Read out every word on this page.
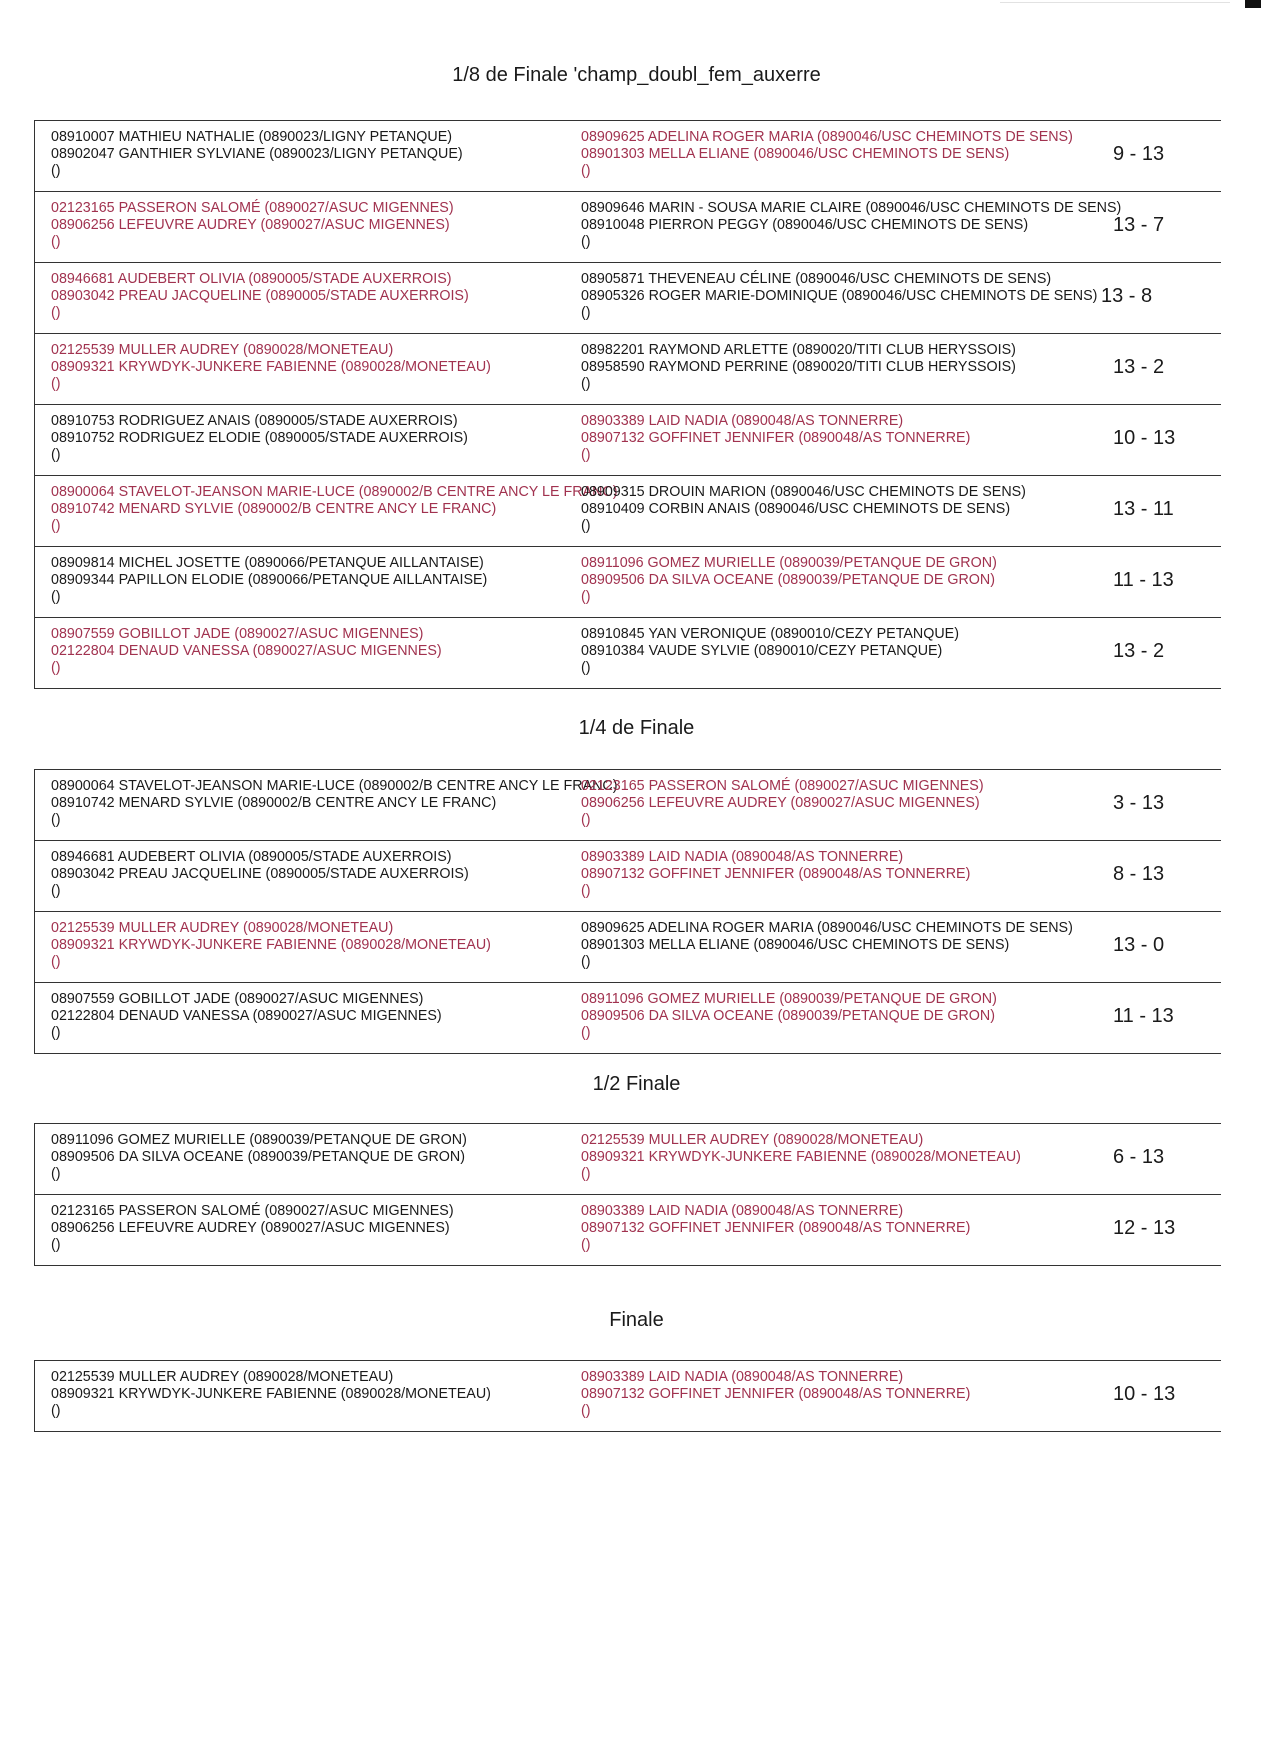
1/8 de Finale 'champ_doubl_fem_auxerre
08910007 MATHIEU NATHALIE (0890023/LIGNY PETANQUE)
08902047 GANTHIER SYLVIANE (0890023/LIGNY PETANQUE)
()
08909625 ADELINA ROGER MARIA (0890046/USC CHEMINOTS DE SENS)
08901303 MELLA ELIANE (0890046/USC CHEMINOTS DE SENS)
()
9 - 13
02123165 PASSERON SALOMÉ (0890027/ASUC MIGENNES)
08906256 LEFEUVRE AUDREY (0890027/ASUC MIGENNES)
()
08909646 MARIN - SOUSA MARIE CLAIRE (0890046/USC CHEMINOTS DE SENS)
08910048 PIERRON PEGGY (0890046/USC CHEMINOTS DE SENS)
()
13 - 7
08946681 AUDEBERT OLIVIA (0890005/STADE AUXERROIS)
08903042 PREAU JACQUELINE (0890005/STADE AUXERROIS)
()
08905871 THEVENEAU CÉLINE (0890046/USC CHEMINOTS DE SENS)
08905326 ROGER MARIE-DOMINIQUE (0890046/USC CHEMINOTS DE SENS)
()
13 - 8
02125539 MULLER AUDREY (0890028/MONETEAU)
08909321 KRYWDYK-JUNKERE FABIENNE (0890028/MONETEAU)
()
08982201 RAYMOND ARLETTE (0890020/TITI CLUB HERYSSOIS)
08958590 RAYMOND PERRINE (0890020/TITI CLUB HERYSSOIS)
()
13 - 2
08910753 RODRIGUEZ ANAIS (0890005/STADE AUXERROIS)
08910752 RODRIGUEZ ELODIE (0890005/STADE AUXERROIS)
()
08903389 LAID NADIA (0890048/AS TONNERRE)
08907132 GOFFINET JENNIFER (0890048/AS TONNERRE)
()
10 - 13
08900064 STAVELOT-JEANSON MARIE-LUCE (0890002/B CENTRE ANCY LE FRANC)
08910742 MENARD SYLVIE (0890002/B CENTRE ANCY LE FRANC)
()
08909315 DROUIN MARION (0890046/USC CHEMINOTS DE SENS)
08910409 CORBIN ANAIS (0890046/USC CHEMINOTS DE SENS)
()
13 - 11
08909814 MICHEL JOSETTE (0890066/PETANQUE AILLANTAISE)
08909344 PAPILLON ELODIE (0890066/PETANQUE AILLANTAISE)
()
08911096 GOMEZ MURIELLE (0890039/PETANQUE DE GRON)
08909506 DA SILVA OCEANE (0890039/PETANQUE DE GRON)
()
11 - 13
08907559 GOBILLOT JADE (0890027/ASUC MIGENNES)
02122804 DENAUD VANESSA (0890027/ASUC MIGENNES)
()
08910845 YAN VERONIQUE (0890010/CEZY PETANQUE)
08910384 VAUDE SYLVIE (0890010/CEZY PETANQUE)
()
13 - 2
1/4 de Finale
08900064 STAVELOT-JEANSON MARIE-LUCE (0890002/B CENTRE ANCY LE FRANC)
08910742 MENARD SYLVIE (0890002/B CENTRE ANCY LE FRANC)
()
02123165 PASSERON SALOMÉ (0890027/ASUC MIGENNES)
08906256 LEFEUVRE AUDREY (0890027/ASUC MIGENNES)
()
3 - 13
08946681 AUDEBERT OLIVIA (0890005/STADE AUXERROIS)
08903042 PREAU JACQUELINE (0890005/STADE AUXERROIS)
()
08903389 LAID NADIA (0890048/AS TONNERRE)
08907132 GOFFINET JENNIFER (0890048/AS TONNERRE)
()
8 - 13
02125539 MULLER AUDREY (0890028/MONETEAU)
08909321 KRYWDYK-JUNKERE FABIENNE (0890028/MONETEAU)
()
08909625 ADELINA ROGER MARIA (0890046/USC CHEMINOTS DE SENS)
08901303 MELLA ELIANE (0890046/USC CHEMINOTS DE SENS)
()
13 - 0
08907559 GOBILLOT JADE (0890027/ASUC MIGENNES)
02122804 DENAUD VANESSA (0890027/ASUC MIGENNES)
()
08911096 GOMEZ MURIELLE (0890039/PETANQUE DE GRON)
08909506 DA SILVA OCEANE (0890039/PETANQUE DE GRON)
()
11 - 13
1/2 Finale
08911096 GOMEZ MURIELLE (0890039/PETANQUE DE GRON)
08909506 DA SILVA OCEANE (0890039/PETANQUE DE GRON)
()
02125539 MULLER AUDREY (0890028/MONETEAU)
08909321 KRYWDYK-JUNKERE FABIENNE (0890028/MONETEAU)
()
6 - 13
02123165 PASSERON SALOMÉ (0890027/ASUC MIGENNES)
08906256 LEFEUVRE AUDREY (0890027/ASUC MIGENNES)
()
08903389 LAID NADIA (0890048/AS TONNERRE)
08907132 GOFFINET JENNIFER (0890048/AS TONNERRE)
()
12 - 13
Finale
02125539 MULLER AUDREY (0890028/MONETEAU)
08909321 KRYWDYK-JUNKERE FABIENNE (0890028/MONETEAU)
()
08903389 LAID NADIA (0890048/AS TONNERRE)
08907132 GOFFINET JENNIFER (0890048/AS TONNERRE)
()
10 - 13
